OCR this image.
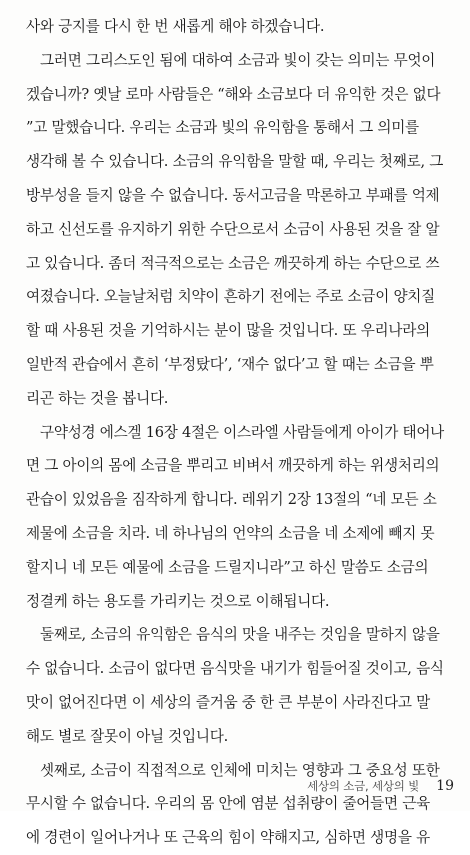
사와 긍지를 다시 한 번 새롭게 해야 하겠습니다.
그러면 그리스도인 됨에 대하여 소금과 빛이 갖는 의미는 무엇이
겠습니까? 옛날 로마 사람들은 “해와 소금보다 더 유익한 것은 없다
”고 말했습니다. 우리는 소금과 빛의 유익함을 통해서 그 의미를
생각해 볼 수 있습니다. 소금의 유익함을 말할 때, 우리는 첫째로, 그
방부성을 들지 않을 수 없습니다. 동서고금을 막론하고 부패를 억제
하고 신선도를 유지하기 위한 수단으로서 소금이 사용된 것을 잘 알
고 있습니다. 좀더 적극적으로는 소금은 깨끗하게 하는 수단으로 쓰
여졌습니다. 오늘날처럼 치약이 흔하기 전에는 주로 소금이 양치질
할 때 사용된 것을 기억하시는 분이 많을 것입니다. 또 우리나라의
일반적 관습에서 흔히 ‘부정탔다’, ‘재수 없다’고 할 때는 소금을 뿌
리곤 하는 것을 봅니다.
구약성경 에스겔 16장 4절은 이스라엘 사람들에게 아이가 태어나
면 그 아이의 몸에 소금을 뿌리고 비벼서 깨끗하게 하는 위생처리의
관습이 있었음을 짐작하게 합니다. 레위기 2장 13절의 “네 모든 소
제물에 소금을 치라. 네 하나님의 언약의 소금을 네 소제에 빼지 못
할지니 네 모든 예물에 소금을 드릴지니라”고 하신 말씀도 소금의
정결케 하는 용도를 가리키는 것으로 이해됩니다.
둘째로, 소금의 유익함은 음식의 맛을 내주는 것임을 말하지 않을
수 없습니다. 소금이 없다면 음식맛을 내기가 힘들어질 것이고, 음식
맛이 없어진다면 이 세상의 즐거움 중 한 큰 부분이 사라진다고 말
해도 별로 잘못이 아닐 것입니다.
셋째로, 소금이 직접적으로 인체에 미치는 영향과 그 중요성 또한
무시할 수 없습니다. 우리의 몸 안에 염분 섭취량이 줄어들면 근육
에 경련이 일어나거나 또 근육의 힘이 약해지고, 심하면 생명을 유
세상의 소금, 세상의 빛 19
